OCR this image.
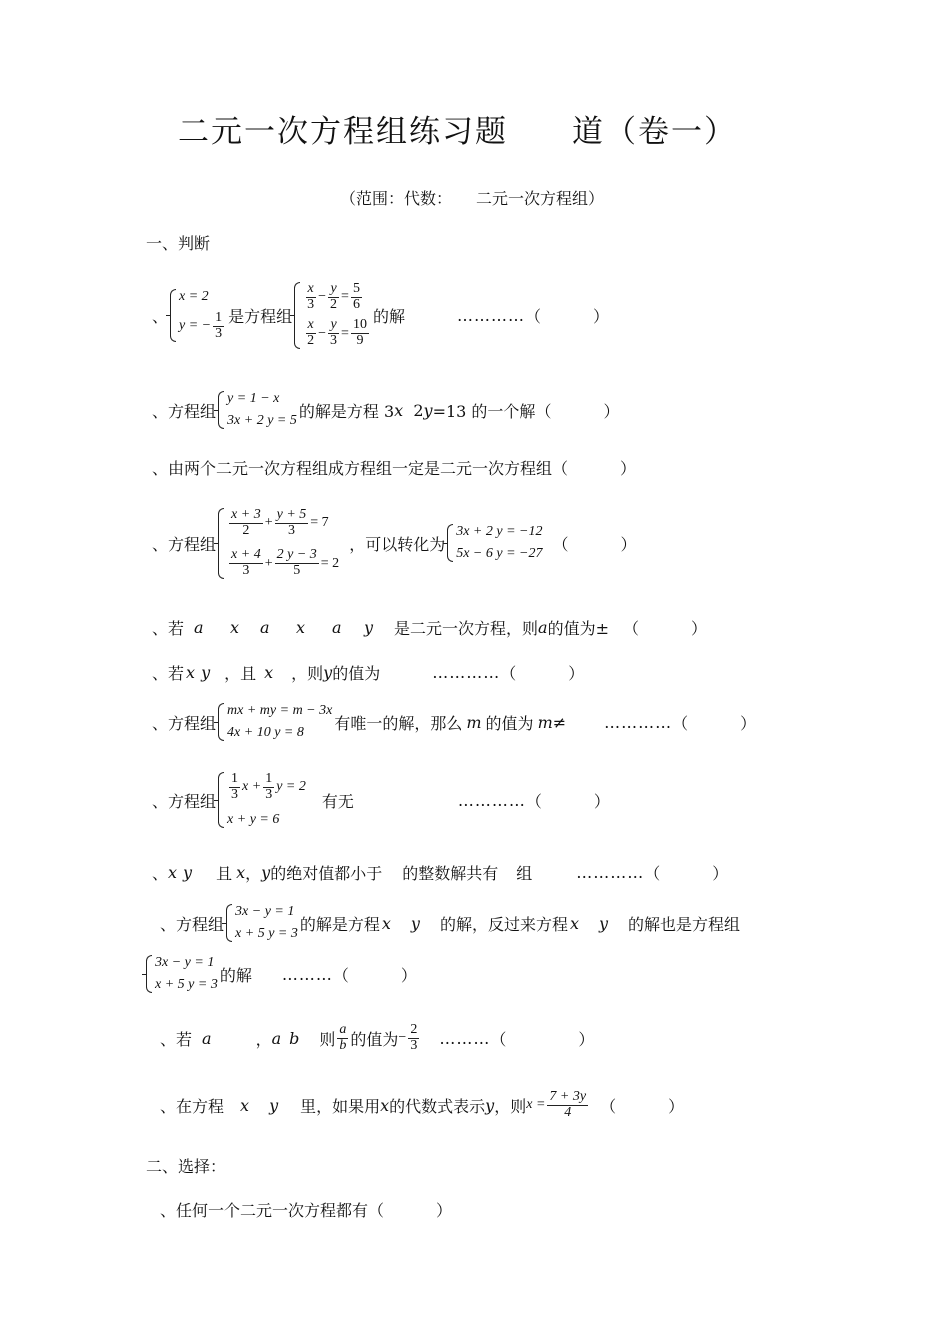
二元一次方程组练习题 道（卷一）
（范围：代数： 二元一次方程组）
一、判断
、
x = 2
y = − $\frac{1}{3}$ 是方程组
$\frac{x}{3} - \frac{y}{2} = \frac{5}{6}$
$\frac{x}{2} - \frac{y}{3} = \frac{10}{9}$
的解	………… （	）
、 方程组
y = 1 − x
3x + 2 y = 5 的解是方程 3 x
2 y =13 的一个解 （	）
、 由两个二元一次方程组成方程组一定是二元一次方程组 （	）
、 方程组
$\frac{x + 3}{2} + \frac{y + 5}{3} = 7$
$\frac{x + 4}{3} + \frac{2 y - 3}{5} = 2$
，可以转化为
3x + 2 y = −12
5x − 6 y = −27 （	）
、 若 a	x	a	x	a	y	是二元一次方程，则 a 的值为± （	）
、 若 x y ，且 x ，则 y 的值为	………… （	）
、 方程组
mx + my = m − 3x
4x + 10 y = 8	有唯一的解，那么 m 的值为 m ≠ ………… （	）
、 方程组 $\frac{1}{3}$ $x + \frac{1}{3}$ y = 2
x + y = 6
有无	………… （	）
、 x y 且 x ， y 的绝对值都小于 的整数解共有 组	………… （	）
、 方程组
3x − y = 1
x + 5 y = 3 的解是方程 x y 的解，反过来方程 x y 的解也是方程组
3x − y = 1
x + 5 y = 3 的解 ……… （	）
、 若 a	， a b 则 $\frac{a}{b}$ 的值为 − $\frac{2}{3}$ ……… （	）
、 在方程 x y 里，如果用 x 的代数式表示 y ，则 $x = \frac{7 + 3y}{4}$ （	）
二、选择：
、 任何一个二元一次方程都有 （	）
